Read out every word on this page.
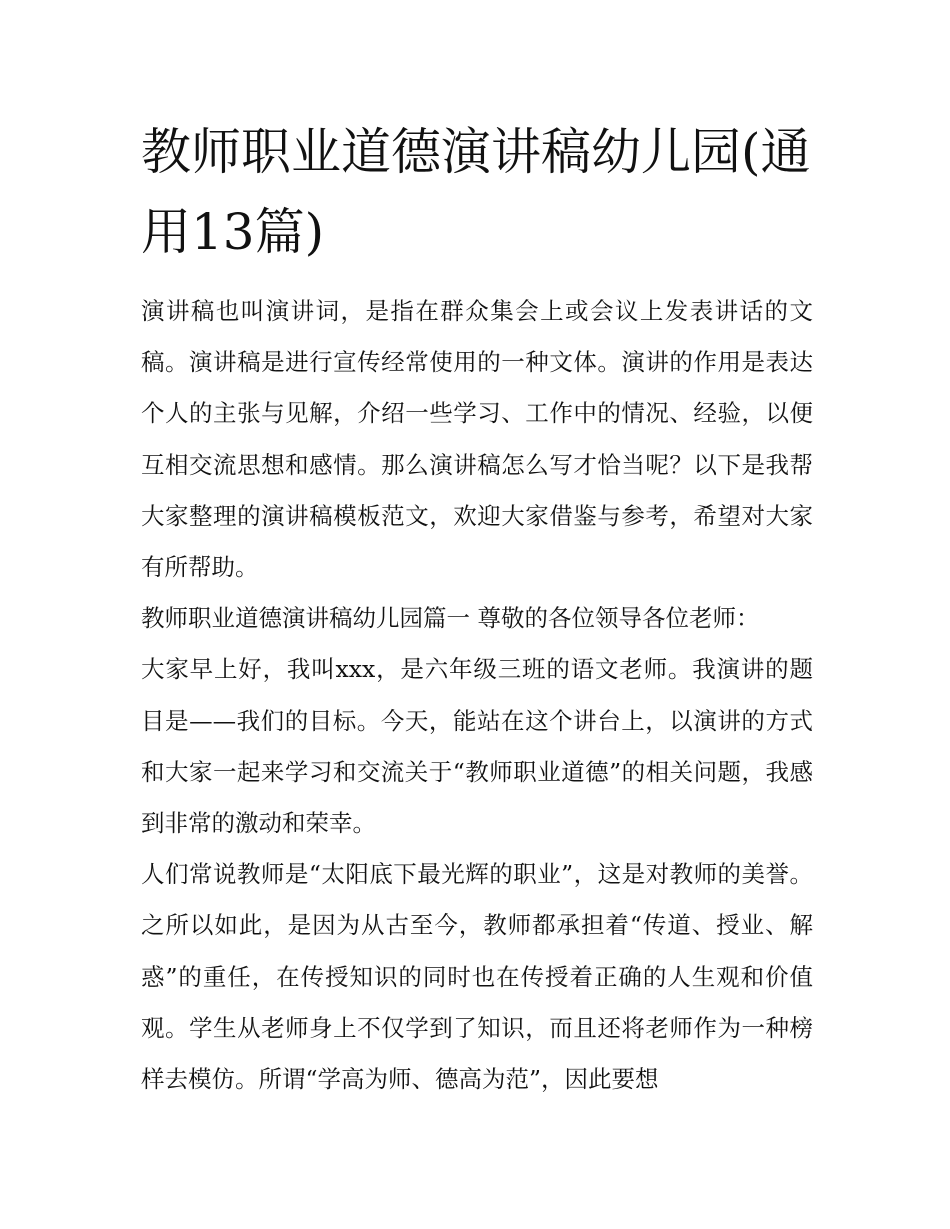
教师职业道德演讲稿幼儿园(通用13篇)

演讲稿也叫演讲词，是指在群众集会上或会议上发表讲话的文稿。演讲稿是进行宣传经常使用的一种文体。演讲的作用是表达个人的主张与见解，介绍一些学习、工作中的情况、经验，以便互相交流思想和感情。那么演讲稿怎么写才恰当呢？以下是我帮大家整理的演讲稿模板范文，欢迎大家借鉴与参考，希望对大家有所帮助。

教师职业道德演讲稿幼儿园篇一 尊敬的各位领导各位老师：

大家早上好，我叫xxx，是六年级三班的语文老师。我演讲的题目是——我们的目标。今天，能站在这个讲台上，以演讲的方式和大家一起来学习和交流关于“教师职业道德”的相关问题，我感到非常的激动和荣幸。

人们常说教师是“太阳底下最光辉的职业”，这是对教师的美誉。之所以如此，是因为从古至今，教师都承担着“传道、授业、解惑”的重任，在传授知识的同时也在传授着正确的人生观和价值观。学生从老师身上不仅学到了知识，而且还将老师作为一种榜样去模仿。所谓“学高为师、德高为范”，因此要想
